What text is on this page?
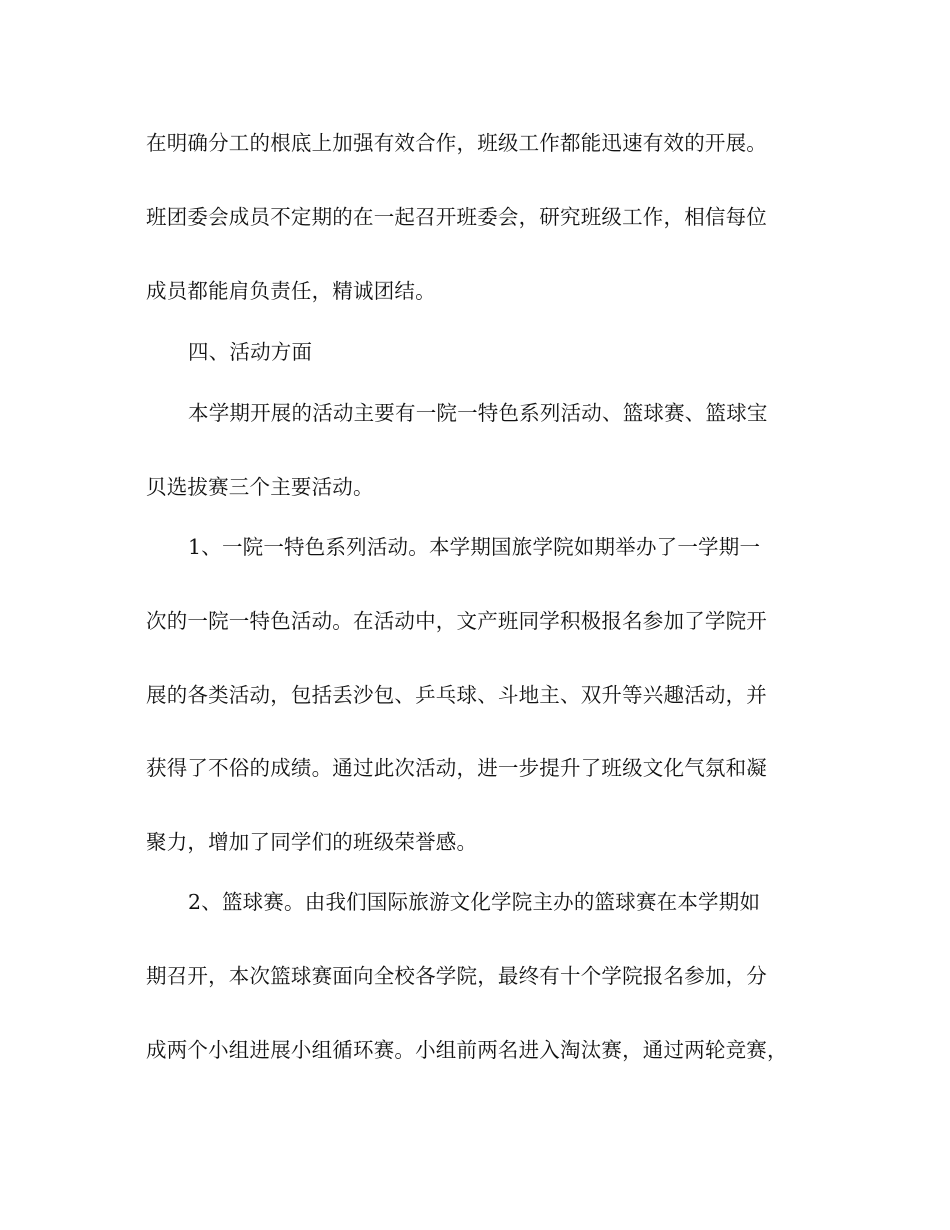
在明确分工的根底上加强有效合作，班级工作都能迅速有效的开展。

班团委会成员不定期的在一起召开班委会，研究班级工作，相信每位

成员都能肩负责任，精诚团结。

四、活动方面

本学期开展的活动主要有一院一特色系列活动、篮球赛、篮球宝

贝选拔赛三个主要活动。

1、一院一特色系列活动。本学期国旅学院如期举办了一学期一

次的一院一特色活动。在活动中，文产班同学积极报名参加了学院开

展的各类活动，包括丢沙包、乒乓球、斗地主、双升等兴趣活动，并

获得了不俗的成绩。通过此次活动，进一步提升了班级文化气氛和凝

聚力，增加了同学们的班级荣誉感。

2、篮球赛。由我们国际旅游文化学院主办的篮球赛在本学期如

期召开，本次篮球赛面向全校各学院，最终有十个学院报名参加，分

成两个小组进展小组循环赛。小组前两名进入淘汰赛，通过两轮竞赛，
